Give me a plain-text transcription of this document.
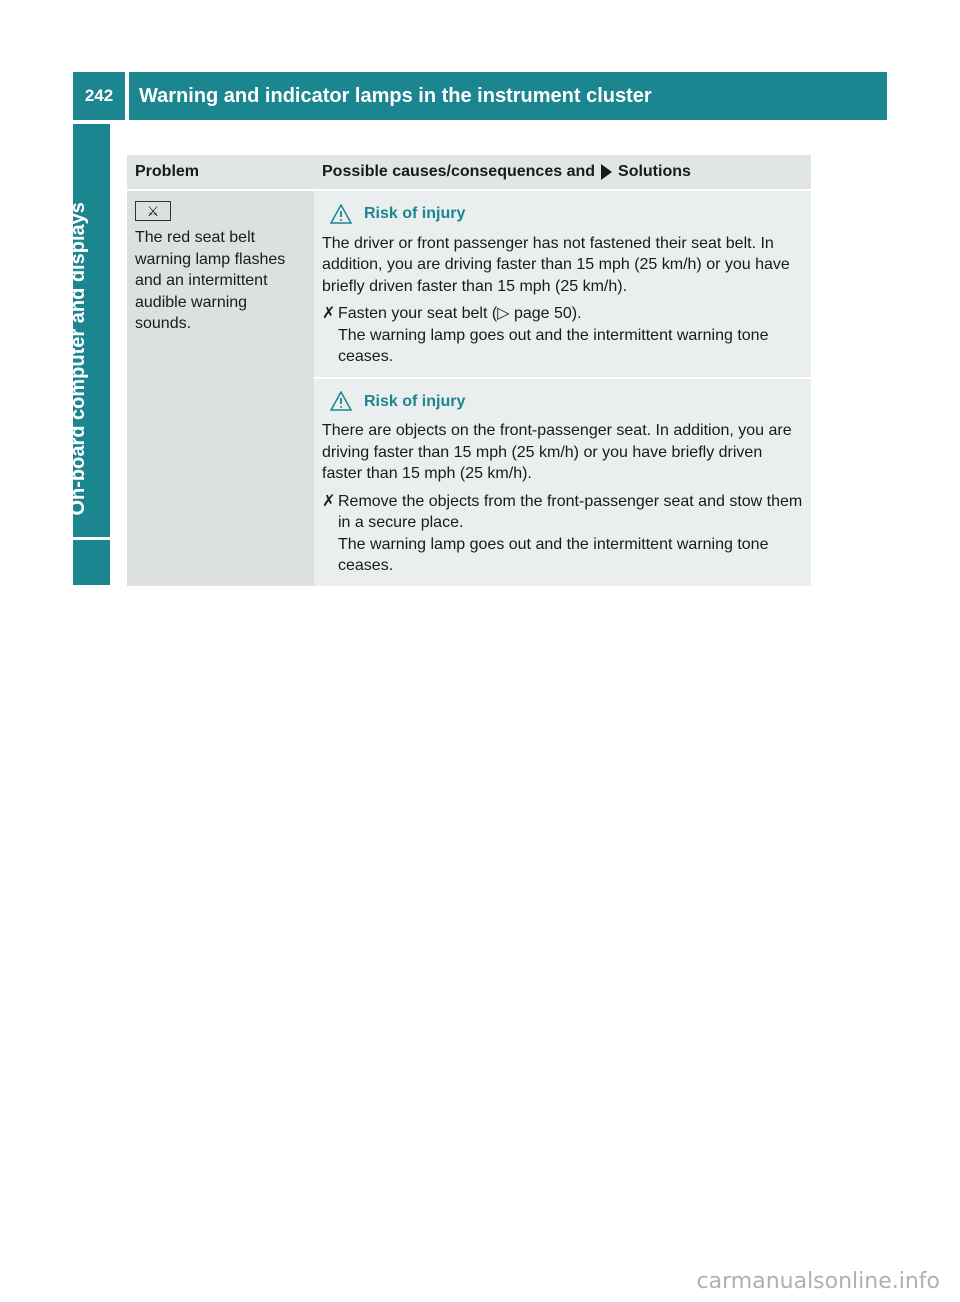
242	Warning and indicator lamps in the instrument cluster
On-board computer and displays
Problem	Possible causes/consequences and Solutions
⚔
The red seat belt warning lamp flashes and an intermittent audible warning sounds.
Risk of injury

The driver or front passenger has not fastened their seat belt. In addition, you are driving faster than 15 mph (25 km/h) or you have briefly driven faster than 15 mph (25 km/h).

✗ Fasten your seat belt (▷ page 50).
The warning lamp goes out and the intermittent warning tone ceases.
Risk of injury

There are objects on the front-passenger seat. In addition, you are driving faster than 15 mph (25 km/h) or you have briefly driven faster than 15 mph (25 km/h).

✗ Remove the objects from the front-passenger seat and stow them in a secure place.
The warning lamp goes out and the intermittent warning tone ceases.
carmanualsonline.info
